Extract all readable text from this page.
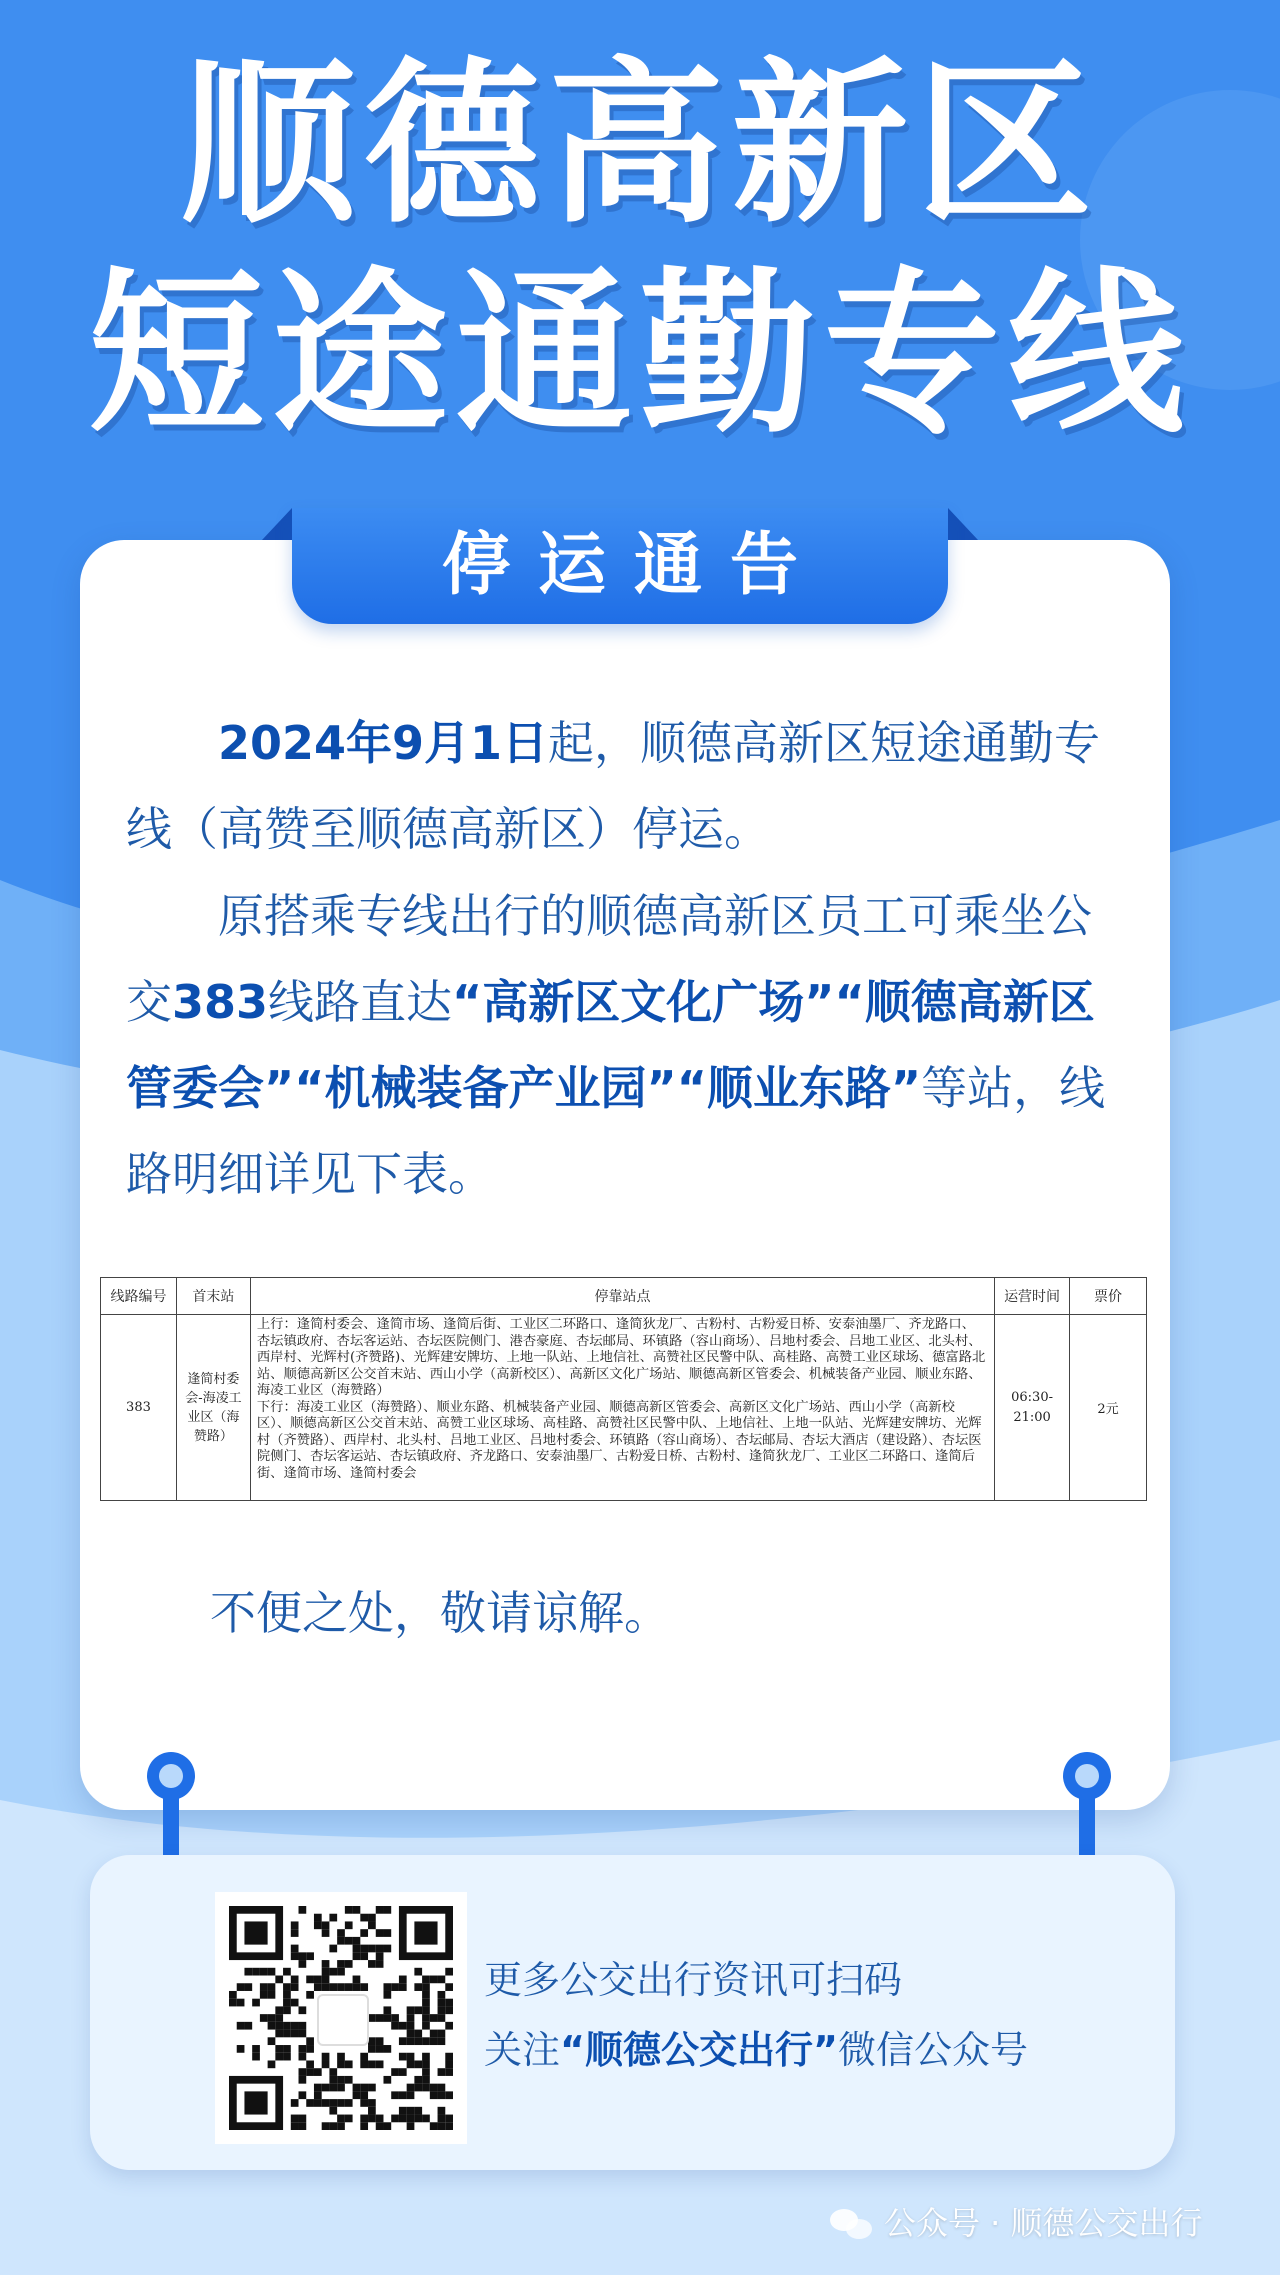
顺德高新区
短途通勤专线
停运通告
2024年9月1日起，顺德高新区短途通勤专线（高赞至顺德高新区）停运。
原搭乘专线出行的顺德高新区员工可乘坐公交383线路直达“高新区文化广场”“顺德高新区管委会”“机械装备产业园”“顺业东路”等站，线路明细详见下表。
线路编号	首末站	停靠站点	运营时间	票价
383	逢简村委会-海凌工业区（海赞路）	上行：逢简村委会、逢简市场、逢简后街、工业区二环路口、逢简狄龙厂、古粉村、古粉爱日桥、安泰油墨厂、齐龙路口、杏坛镇政府、杏坛客运站、杏坛医院侧门、港杏豪庭、杏坛邮局、环镇路（容山商场）、吕地村委会、吕地工业区、北头村、西岸村、光辉村(齐赞路)、光辉建安牌坊、上地一队站、上地信社、高赞社区民警中队、高桂路、高赞工业区球场、德富路北站、顺德高新区公交首末站、西山小学（高新校区）、高新区文化广场站、顺德高新区管委会、机械装备产业园、顺业东路、海凌工业区（海赞路）
下行：海凌工业区（海赞路）、顺业东路、机械装备产业园、顺德高新区管委会、高新区文化广场站、西山小学（高新校区）、顺德高新区公交首末站、高赞工业区球场、高桂路、高赞社区民警中队、上地信社、上地一队站、光辉建安牌坊、光辉村（齐赞路）、西岸村、北头村、吕地工业区、吕地村委会、环镇路（容山商场）、杏坛邮局、杏坛大酒店（建设路）、杏坛医院侧门、杏坛客运站、杏坛镇政府、齐龙路口、安泰油墨厂、古粉爱日桥、古粉村、逢简狄龙厂、工业区二环路口、逢简后街、逢简市场、逢简村委会	06:30-21:00	2元
不便之处，敬请谅解。
更多公交出行资讯可扫码
关注“顺德公交出行”微信公众号
公众号 · 顺德公交出行
